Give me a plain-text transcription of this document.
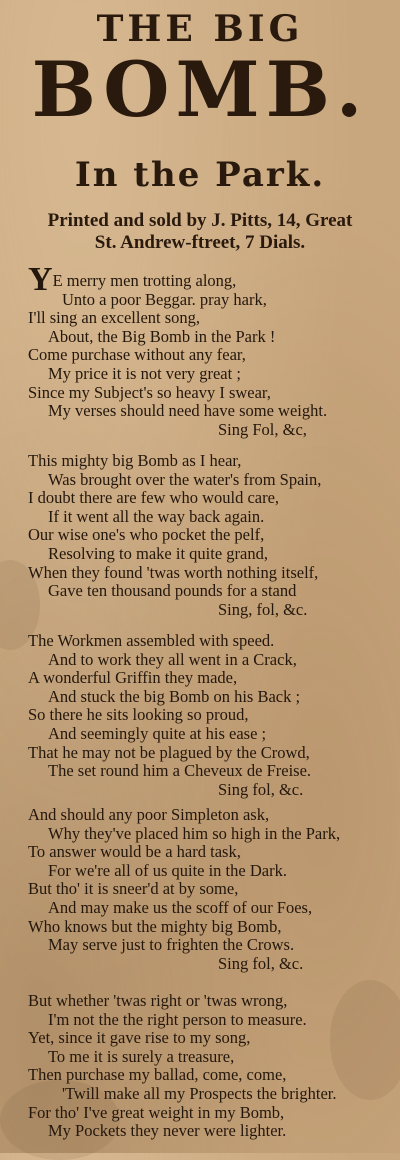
THE BIG
BOMB.
In the Park.
Printed and sold by J. Pitts, 14, Great
St. Andrew-ftreet, 7 Dials.
YE merry men trotting along,
Unto a poor Beggar. pray hark,
I'll sing an excellent song,
About, the Big Bomb in the Park !
Come purchase without any fear,
My price it is not very great ;
Since my Subject's so heavy I swear,
My verses should need have some weight.
Sing Fol, &c,
This mighty big Bomb as I hear,
Was brought over the water's from Spain,
I doubt there are few who would care,
If it went all the way back again.
Our wise one's who pocket the pelf,
Resolving to make it quite grand,
When they found 'twas worth nothing itself,
Gave ten thousand pounds for a stand
Sing, fol, &c.
The Workmen assembled with speed.
And to work they all went in a Crack,
A wonderful Griffin they made,
And stuck the big Bomb on his Back ;
So there he sits looking so proud,
And seemingly quite at his ease ;
That he may not be plagued by the Crowd,
The set round him a Cheveux de Freise.
Sing fol, &c.
And should any poor Simpleton ask,
Why they've placed him so high in the Park,
To answer would be a hard task,
For we're all of us quite in the Dark.
But tho' it is sneer'd at by some,
And may make us the scoff of our Foes,
Who knows but the mighty big Bomb,
May serve just to frighten the Crows.
Sing fol, &c.
But whether 'twas right or 'twas wrong,
I'm not the the right person to measure.
Yet, since it gave rise to my song,
To me it is surely a treasure,
Then purchase my ballad, come, come,
'Twill make all my Prospects the brighter.
For tho' I've great weight in my Bomb,
My Pockets they never were lighter.
